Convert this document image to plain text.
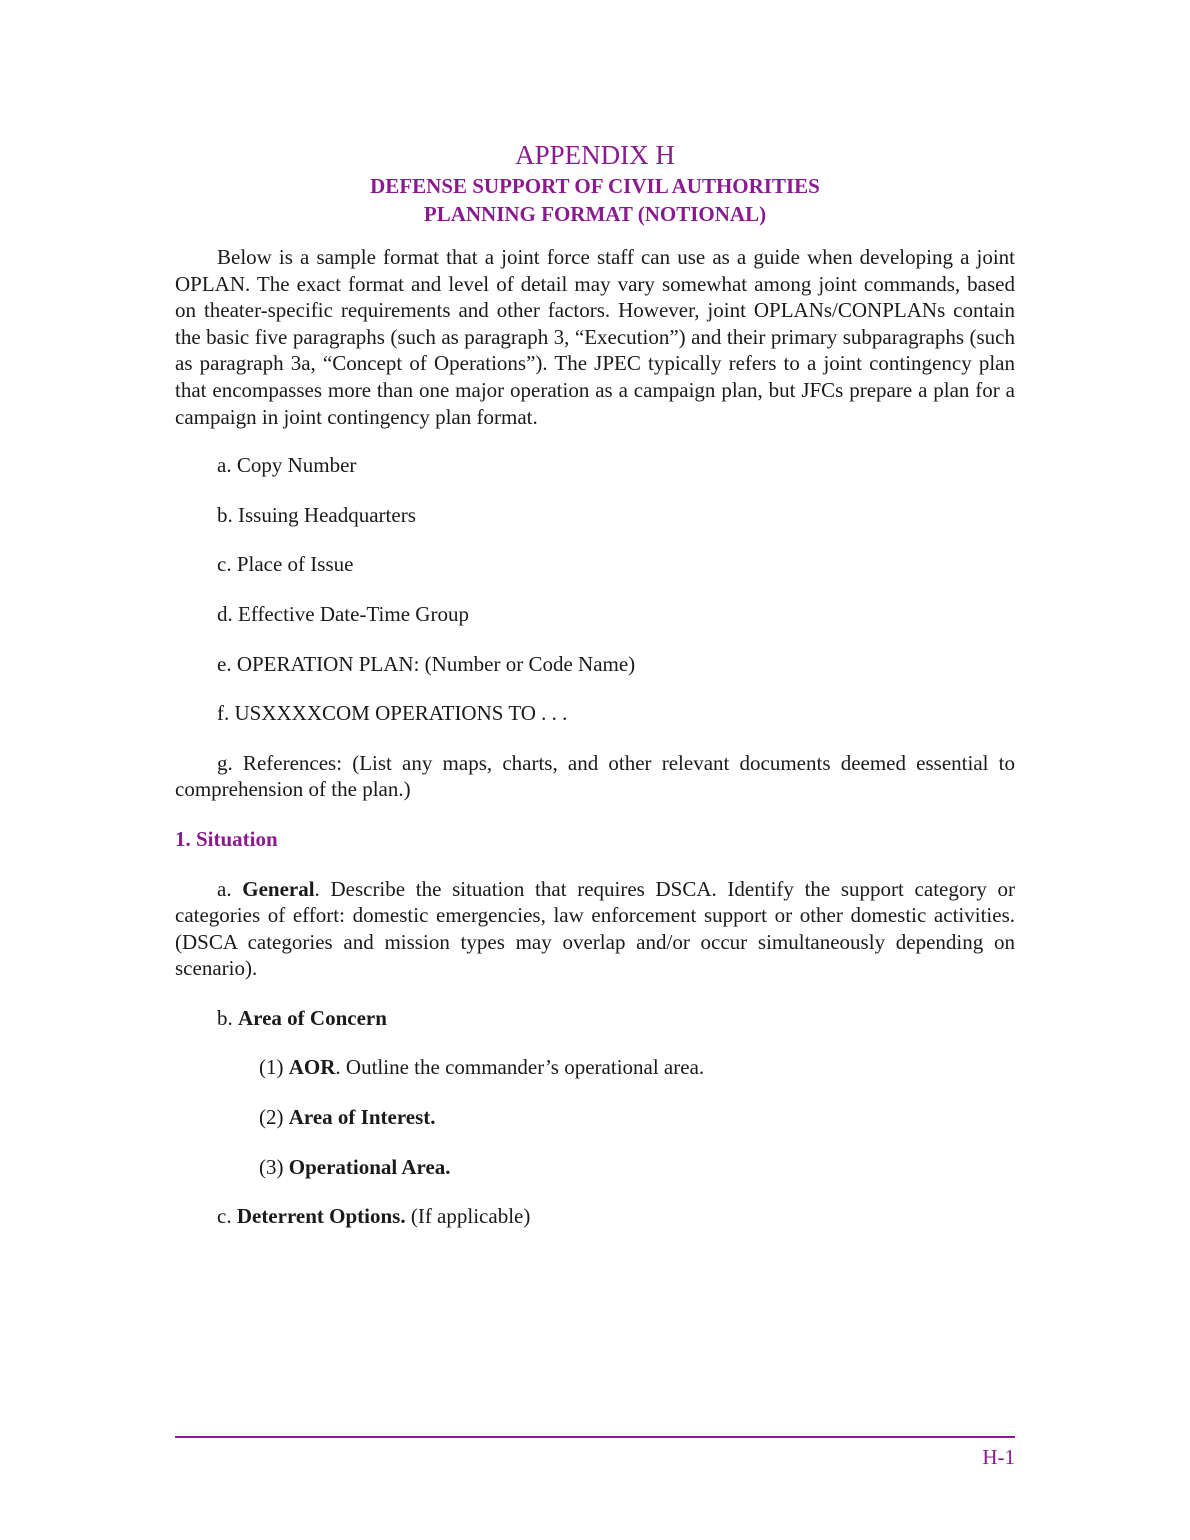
APPENDIX H
DEFENSE SUPPORT OF CIVIL AUTHORITIES
PLANNING FORMAT (NOTIONAL)

Below is a sample format that a joint force staff can use as a guide when developing a joint OPLAN. The exact format and level of detail may vary somewhat among joint commands, based on theater-specific requirements and other factors. However, joint OPLANs/CONPLANs contain the basic five paragraphs (such as paragraph 3, “Execution”) and their primary subparagraphs (such as paragraph 3a, “Concept of Operations”). The JPEC typically refers to a joint contingency plan that encompasses more than one major operation as a campaign plan, but JFCs prepare a plan for a campaign in joint contingency plan format.

a. Copy Number

b. Issuing Headquarters

c. Place of Issue

d. Effective Date-Time Group

e. OPERATION PLAN: (Number or Code Name)

f. USXXXXCOM OPERATIONS TO . . .

g. References: (List any maps, charts, and other relevant documents deemed essential to comprehension of the plan.)

1. Situation

a. General. Describe the situation that requires DSCA. Identify the support category or categories of effort: domestic emergencies, law enforcement support or other domestic activities. (DSCA categories and mission types may overlap and/or occur simultaneously depending on scenario).

b. Area of Concern

(1) AOR. Outline the commander’s operational area.

(2) Area of Interest.

(3) Operational Area.

c. Deterrent Options. (If applicable)

H-1
